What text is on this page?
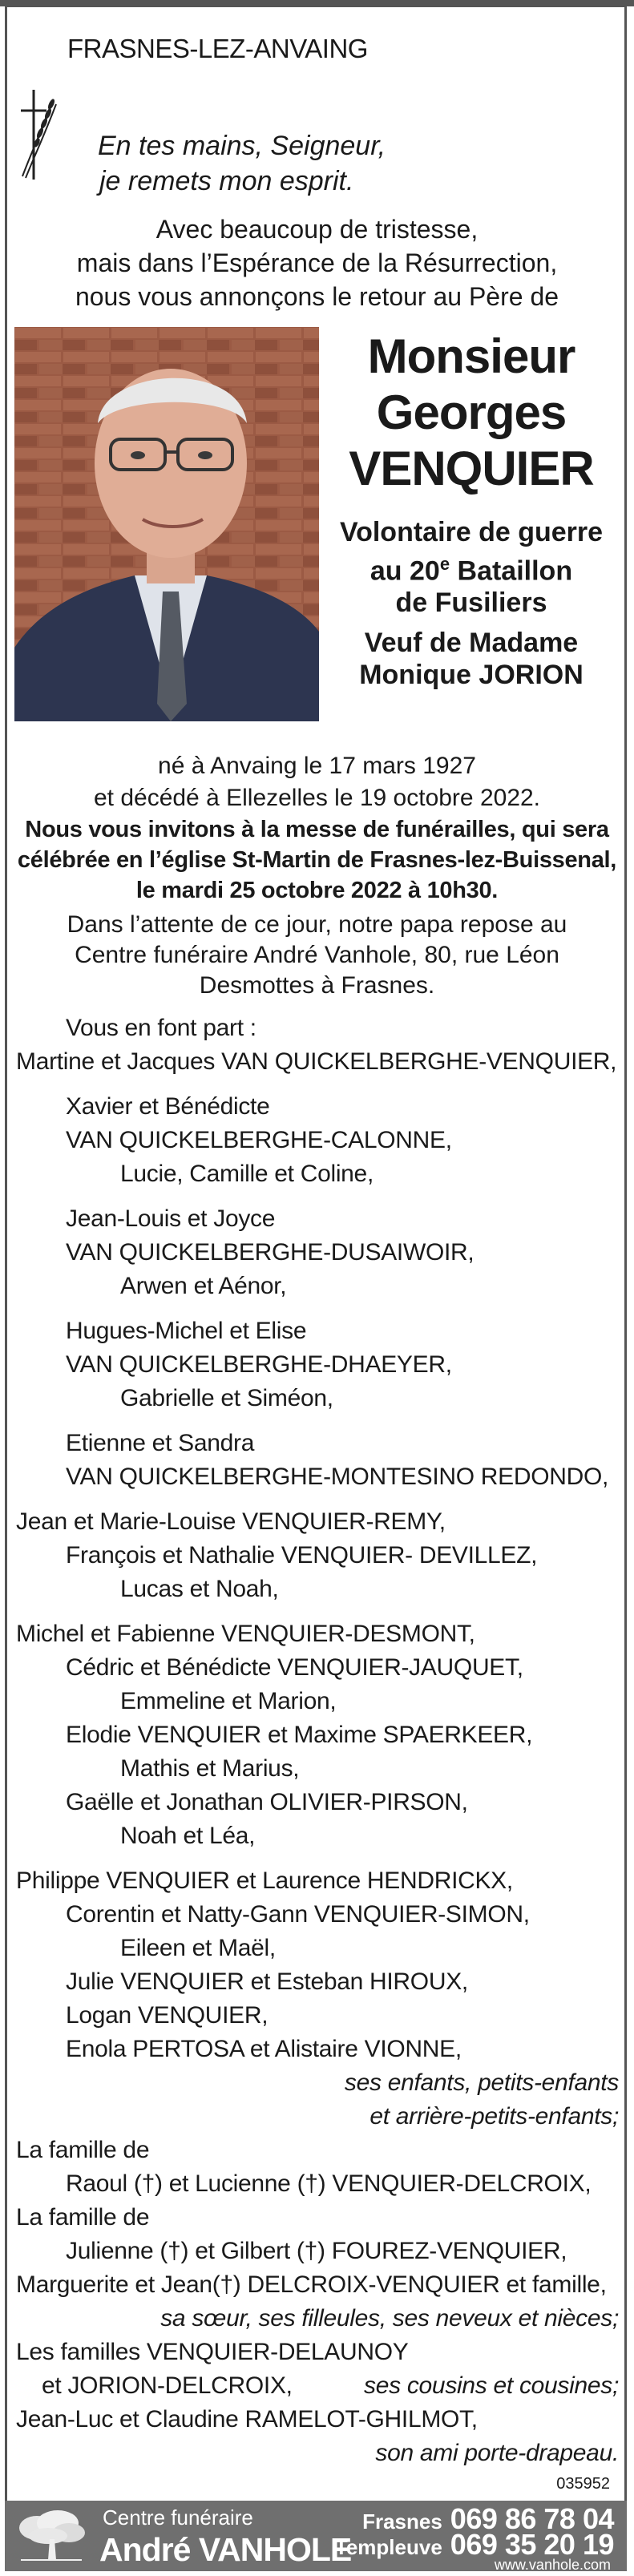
FRASNES-LEZ-ANVAING
En tes mains, Seigneur,
je remets mon esprit.
Avec beaucoup de tristesse,
mais dans l’Espérance de la Résurrection,
nous vous annonçons le retour au Père de
Monsieur
Georges
VENQUIER
Volontaire de guerre
au 20e Bataillon
de Fusiliers
Veuf de Madame
Monique JORION
né à Anvaing le 17 mars 1927
et décédé à Ellezelles le 19 octobre 2022.
Nous vous invitons à la messe de funérailles, qui sera
célébrée en l’église St-Martin de Frasnes-lez-Buissenal,
le mardi 25 octobre 2022 à 10h30.
Dans l’attente de ce jour, notre papa repose au
Centre funéraire André Vanhole, 80, rue Léon
Desmottes à Frasnes.
Vous en font part :
Martine et Jacques VAN QUICKELBERGHE-VENQUIER,
Xavier et Bénédicte
VAN QUICKELBERGHE-CALONNE,
Lucie, Camille et Coline,
Jean-Louis et Joyce
VAN QUICKELBERGHE-DUSAIWOIR,
Arwen et Aénor,
Hugues-Michel et Elise
VAN QUICKELBERGHE-DHAEYER,
Gabrielle et Siméon,
Etienne et Sandra
VAN QUICKELBERGHE-MONTESINO REDONDO,
Jean et Marie-Louise VENQUIER-REMY,
François et Nathalie VENQUIER- DEVILLEZ,
Lucas et Noah,
Michel et Fabienne VENQUIER-DESMONT,
Cédric et Bénédicte VENQUIER-JAUQUET,
Emmeline et Marion,
Elodie VENQUIER et Maxime SPAERKEER,
Mathis et Marius,
Gaëlle et Jonathan OLIVIER-PIRSON,
Noah et Léa,
Philippe VENQUIER et Laurence HENDRICKX,
Corentin et Natty-Gann VENQUIER-SIMON,
Eileen et Maël,
Julie VENQUIER et Esteban HIROUX,
Logan VENQUIER,
Enola PERTOSA et Alistaire VIONNE,
ses enfants, petits-enfants
et arrière-petits-enfants;
La famille de
Raoul (†) et Lucienne (†) VENQUIER-DELCROIX,
La famille de
Julienne (†) et Gilbert (†) FOUREZ-VENQUIER,
Marguerite et Jean(†) DELCROIX-VENQUIER et famille,
sa sœur, ses filleules, ses neveux et nièces;
Les familles VENQUIER-DELAUNOY
et JORION-DELCROIX,	ses cousins et cousines;
Jean-Luc et Claudine RAMELOT-GHILMOT,
son ami porte-drapeau.
035952
Centre funéraire
André VANHOLE
Frasnes 069 86 78 04
Templeuve 069 35 20 19
www.vanhole.com
